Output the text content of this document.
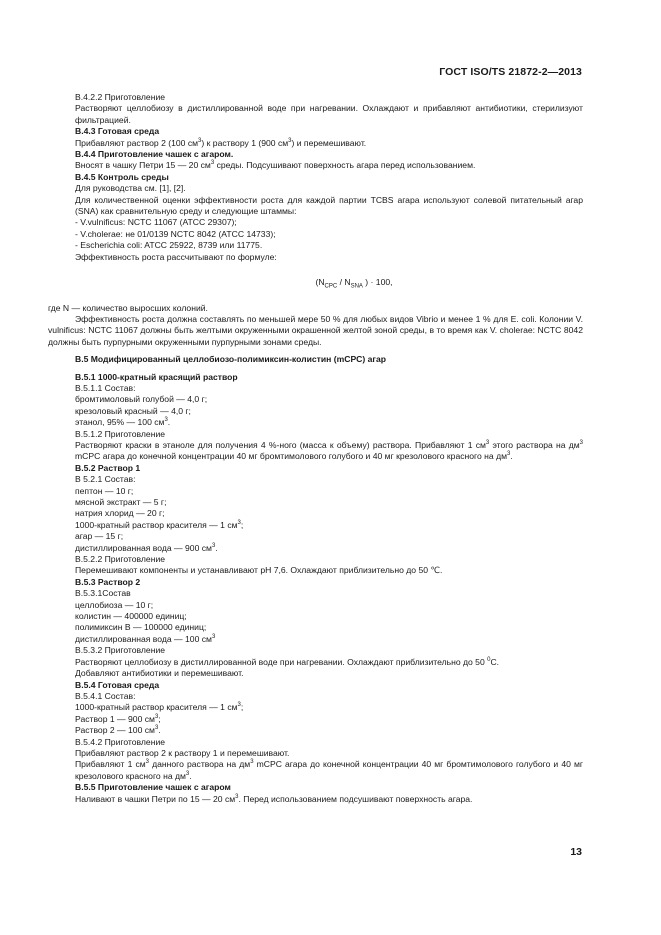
ГОСТ ISO/TS 21872-2—2013
B.4.2.2 Приготовление
Растворяют целлобиозу в дистиллированной воде при нагревании. Охлаждают и прибавляют антибиотики, стерилизуют фильтрацией.
B.4.3 Готовая среда
Прибавляют раствор 2 (100 $см^3$) к раствору 1 (900 $см^3$) и перемешивают.
B.4.4 Приготовление чашек с агаром.
Вносят в чашку Петри 15 — 20 $см^3$ среды. Подсушивают поверхность агара перед использованием.
B.4.5 Контроль среды
Для руководства см. [1], [2].
Для количественной оценки эффективности роста для каждой партии TCBS агара используют солевой питательный агар (SNA) как сравнительную среду и следующие штаммы:
- V.vulnificus: NCTC 11067 (ATCC 29307);
- V.cholerae: не 01/0139 NCTC 8042 (ATCC 14733);
- Escherichia coli: ATCC 25922, 8739 или 11775.
Эффективность роста рассчитывают по формуле:
($N_{CPC} / N_{SNA}$ ) · 100,
где N — количество выросших колоний.
Эффективность роста должна составлять по меньшей мере 50 % для любых видов Vibrio и менее 1 % для E. coli. Колонии V. vulnificus: NCTC 11067 должны быть желтыми окруженными окрашенной желтой зоной среды, в то время как V. cholerae: NCTC 8042 должны быть пурпурными окруженными пурпурными зонами среды.
B.5 Модифицированный целлобиозо-полимиксин-колистин (mCPC) агар
B.5.1 1000-кратный красящий раствор
B.5.1.1 Состав:
бромтимоловый голубой — 4,0 г;
крезоловый красный — 4,0 г;
этанол, 95% — 100 $см^3$.
B.5.1.2 Приготовление
Растворяют краски в этаноле для получения 4 %-ного (масса к объему) раствора. Прибавляют 1 $см^3$ этого раствора на $дм^3$ mCPC агара до конечной концентрации 40 мг бромтимолового голубого и 40 мг крезолового красного на $дм^3$.
B.5.2 Раствор 1
B 5.2.1 Состав:
пептон — 10 г;
мясной экстракт — 5 г;
натрия хлорид — 20 г;
1000-кратный раствор красителя — 1 $см^3$;
агар — 15 г;
дистиллированная вода — 900 $см^3$.
B.5.2.2 Приготовление
Перемешивают компоненты и устанавливают pH 7,6. Охлаждают приблизительно до 50 ℃.
B.5.3 Раствор 2
B.5.3.1Состав
целлобиоза — 10 г;
колистин — 400000 единиц;
полимиксин B — 100000 единиц;
дистиллированная вода — 100 $см^3$
B.5.3.2 Приготовление
Растворяют целлобиозу в дистиллированной воде при нагревании. Охлаждают приблизительно до 50 $^0$C.
Добавляют антибиотики и перемешивают.
B.5.4 Готовая среда
B.5.4.1 Состав:
1000-кратный раствор красителя — 1 $см^3$;
Раствор 1 — 900 $см^3$;
Раствор 2 — 100 $см^3$.
B.5.4.2 Приготовление
Прибавляют раствор 2 к раствору 1 и перемешивают.
Прибавляют 1 $см^3$ данного раствора на $дм^3$ mCPC агара до конечной концентрации 40 мг бромтимолового голубого и 40 мг крезолового красного на $дм^3$.
B.5.5 Приготовление чашек с агаром
Наливают в чашки Петри по 15 — 20 $см^3$. Перед использованием подсушивают поверхность агара.
13
